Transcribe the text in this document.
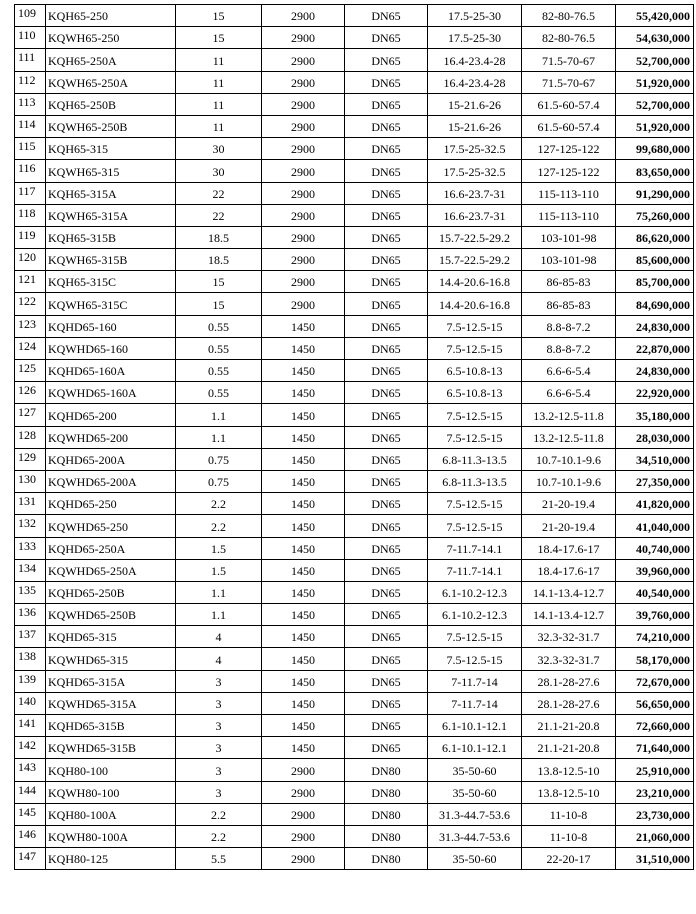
109	KQH65-250	15	2900	DN65	17.5-25-30	82-80-76.5	55,420,000
110	KQWH65-250	15	2900	DN65	17.5-25-30	82-80-76.5	54,630,000
111	KQH65-250A	11	2900	DN65	16.4-23.4-28	71.5-70-67	52,700,000
112	KQWH65-250A	11	2900	DN65	16.4-23.4-28	71.5-70-67	51,920,000
113	KQH65-250B	11	2900	DN65	15-21.6-26	61.5-60-57.4	52,700,000
114	KQWH65-250B	11	2900	DN65	15-21.6-26	61.5-60-57.4	51,920,000
115	KQH65-315	30	2900	DN65	17.5-25-32.5	127-125-122	99,680,000
116	KQWH65-315	30	2900	DN65	17.5-25-32.5	127-125-122	83,650,000
117	KQH65-315A	22	2900	DN65	16.6-23.7-31	115-113-110	91,290,000
118	KQWH65-315A	22	2900	DN65	16.6-23.7-31	115-113-110	75,260,000
119	KQH65-315B	18.5	2900	DN65	15.7-22.5-29.2	103-101-98	86,620,000
120	KQWH65-315B	18.5	2900	DN65	15.7-22.5-29.2	103-101-98	85,600,000
121	KQH65-315C	15	2900	DN65	14.4-20.6-16.8	86-85-83	85,700,000
122	KQWH65-315C	15	2900	DN65	14.4-20.6-16.8	86-85-83	84,690,000
123	KQHD65-160	0.55	1450	DN65	7.5-12.5-15	8.8-8-7.2	24,830,000
124	KQWHD65-160	0.55	1450	DN65	7.5-12.5-15	8.8-8-7.2	22,870,000
125	KQHD65-160A	0.55	1450	DN65	6.5-10.8-13	6.6-6-5.4	24,830,000
126	KQWHD65-160A	0.55	1450	DN65	6.5-10.8-13	6.6-6-5.4	22,920,000
127	KQHD65-200	1.1	1450	DN65	7.5-12.5-15	13.2-12.5-11.8	35,180,000
128	KQWHD65-200	1.1	1450	DN65	7.5-12.5-15	13.2-12.5-11.8	28,030,000
129	KQHD65-200A	0.75	1450	DN65	6.8-11.3-13.5	10.7-10.1-9.6	34,510,000
130	KQWHD65-200A	0.75	1450	DN65	6.8-11.3-13.5	10.7-10.1-9.6	27,350,000
131	KQHD65-250	2.2	1450	DN65	7.5-12.5-15	21-20-19.4	41,820,000
132	KQWHD65-250	2.2	1450	DN65	7.5-12.5-15	21-20-19.4	41,040,000
133	KQHD65-250A	1.5	1450	DN65	7-11.7-14.1	18.4-17.6-17	40,740,000
134	KQWHD65-250A	1.5	1450	DN65	7-11.7-14.1	18.4-17.6-17	39,960,000
135	KQHD65-250B	1.1	1450	DN65	6.1-10.2-12.3	14.1-13.4-12.7	40,540,000
136	KQWHD65-250B	1.1	1450	DN65	6.1-10.2-12.3	14.1-13.4-12.7	39,760,000
137	KQHD65-315	4	1450	DN65	7.5-12.5-15	32.3-32-31.7	74,210,000
138	KQWHD65-315	4	1450	DN65	7.5-12.5-15	32.3-32-31.7	58,170,000
139	KQHD65-315A	3	1450	DN65	7-11.7-14	28.1-28-27.6	72,670,000
140	KQWHD65-315A	3	1450	DN65	7-11.7-14	28.1-28-27.6	56,650,000
141	KQHD65-315B	3	1450	DN65	6.1-10.1-12.1	21.1-21-20.8	72,660,000
142	KQWHD65-315B	3	1450	DN65	6.1-10.1-12.1	21.1-21-20.8	71,640,000
143	KQH80-100	3	2900	DN80	35-50-60	13.8-12.5-10	25,910,000
144	KQWH80-100	3	2900	DN80	35-50-60	13.8-12.5-10	23,210,000
145	KQH80-100A	2.2	2900	DN80	31.3-44.7-53.6	11-10-8	23,730,000
146	KQWH80-100A	2.2	2900	DN80	31.3-44.7-53.6	11-10-8	21,060,000
147	KQH80-125	5.5	2900	DN80	35-50-60	22-20-17	31,510,000
